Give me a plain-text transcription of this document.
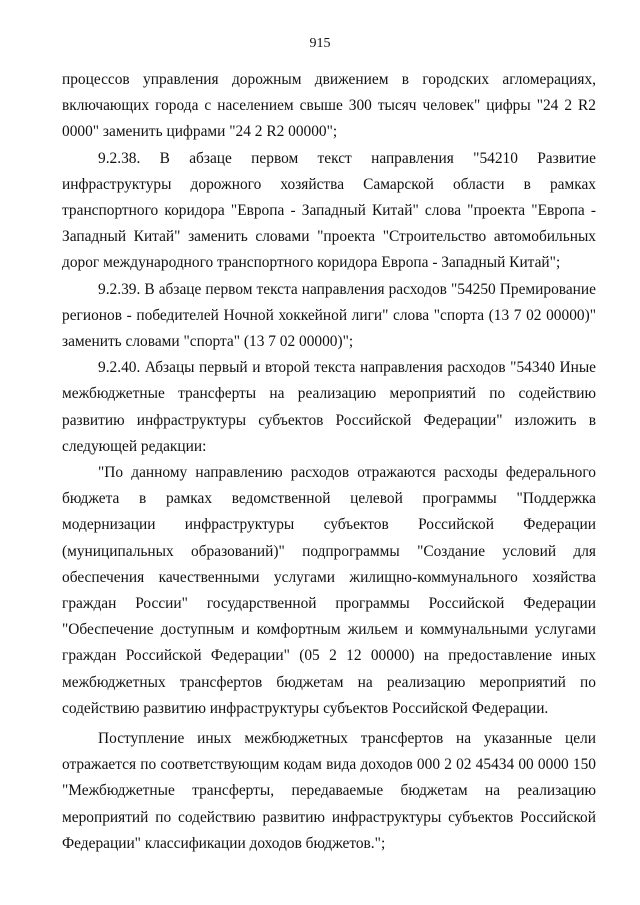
915

процессов управления дорожным движением в городских агломерациях, включающих города с населением свыше 300 тысяч человек" цифры "24 2 R2 0000" заменить цифрами "24 2 R2 00000";

9.2.38. В абзаце первом текст направления "54210 Развитие инфраструктуры дорожного хозяйства Самарской области в рамках транспортного коридора "Европа - Западный Китай" слова "проекта "Европа - Западный Китай" заменить словами "проекта "Строительство автомобильных дорог международного транспортного коридора Европа - Западный Китай";

9.2.39. В абзаце первом текста направления расходов "54250 Премирование регионов - победителей Ночной хоккейной лиги" слова "спорта (13 7 02 00000)" заменить словами "спорта" (13 7 02 00000)";

9.2.40. Абзацы первый и второй текста направления расходов "54340 Иные межбюджетные трансферты на реализацию мероприятий по содействию развитию инфраструктуры субъектов Российской Федерации" изложить в следующей редакции:

"По данному направлению расходов отражаются расходы федерального бюджета в рамках ведомственной целевой программы "Поддержка модернизации инфраструктуры субъектов Российской Федерации (муниципальных образований)" подпрограммы "Создание условий для обеспечения качественными услугами жилищно-коммунального хозяйства граждан России" государственной программы Российской Федерации "Обеспечение доступным и комфортным жильем и коммунальными услугами граждан Российской Федерации" (05 2 12 00000) на предоставление иных межбюджетных трансфертов бюджетам на реализацию мероприятий по содействию развитию инфраструктуры субъектов Российской Федерации.

Поступление иных межбюджетных трансфертов на указанные цели отражается по соответствующим кодам вида доходов 000 2 02 45434 00 0000 150 "Межбюджетные трансферты, передаваемые бюджетам на реализацию мероприятий по содействию развитию инфраструктуры субъектов Российской Федерации" классификации доходов бюджетов.";
